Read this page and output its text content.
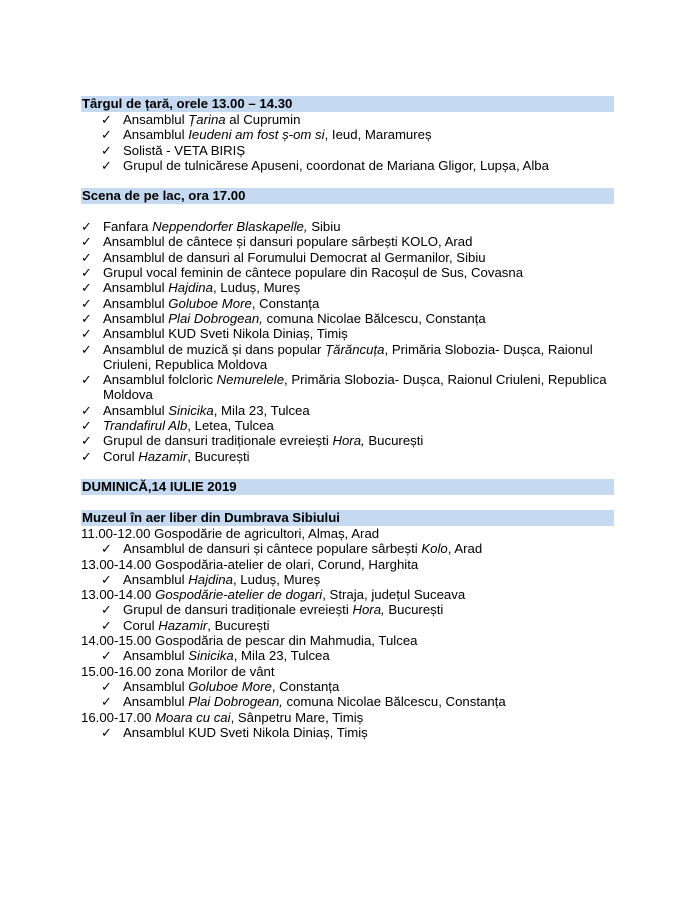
Târgul de țară, orele 13.00 – 14.30
✓ Ansamblul Țarina al Cuprumin
✓ Ansamblul Ieudeni am fost ș-om si, Ieud, Maramureș
✓ Solistă - VETA BIRIȘ
✓ Grupul de tulnicărese Apuseni, coordonat de Mariana Gligor, Lupșa, Alba
Scena de pe lac, ora 17.00
✓ Fanfara Neppendorfer Blaskapelle, Sibiu
✓ Ansamblul de cântece și dansuri populare sârbești KOLO, Arad
✓ Ansamblul de dansuri al Forumului Democrat al Germanilor, Sibiu
✓ Grupul vocal feminin de cântece populare din Racoșul de Sus, Covasna
✓ Ansamblul Hajdina, Luduș, Mureș
✓ Ansamblul Goluboe More, Constanța
✓ Ansamblul Plai Dobrogean, comuna Nicolae Bălcescu, Constanța
✓ Ansamblul KUD Sveti Nikola Diniaș, Timiș
✓ Ansamblul de muzică și dans popular Țărăncuța, Primăria Slobozia- Dușca, Raionul Criuleni, Republica Moldova
✓ Ansamblul folcloric Nemurelele, Primăria Slobozia- Dușca, Raionul Criuleni, Republica Moldova
✓ Ansamblul Sinicika, Mila 23, Tulcea
✓ Trandafirul Alb, Letea, Tulcea
✓ Grupul de dansuri tradiționale evreiești Hora, București
✓ Corul Hazamir, București
DUMINICĂ,14 IULIE 2019
Muzeul în aer liber din Dumbrava Sibiului
11.00-12.00 Gospodărie de agricultori, Almaș, Arad
✓ Ansamblul de dansuri și cântece populare sârbești Kolo, Arad
13.00-14.00 Gospodăria-atelier de olari, Corund, Harghita
✓ Ansamblul Hajdina, Luduș, Mureș
13.00-14.00 Gospodărie-atelier de dogari, Straja, județul Suceava
✓ Grupul de dansuri tradiționale evreiești Hora, București
✓ Corul Hazamir, București
14.00-15.00 Gospodăria de pescar din Mahmudia, Tulcea
✓ Ansamblul Sinicika, Mila 23, Tulcea
15.00-16.00 zona Morilor de vânt
✓ Ansamblul Goluboe More, Constanța
✓ Ansamblul Plai Dobrogean, comuna Nicolae Bălcescu, Constanța
16.00-17.00 Moara cu cai, Sânpetru Mare, Timiș
✓ Ansamblul KUD Sveti Nikola Diniaș, Timiș
